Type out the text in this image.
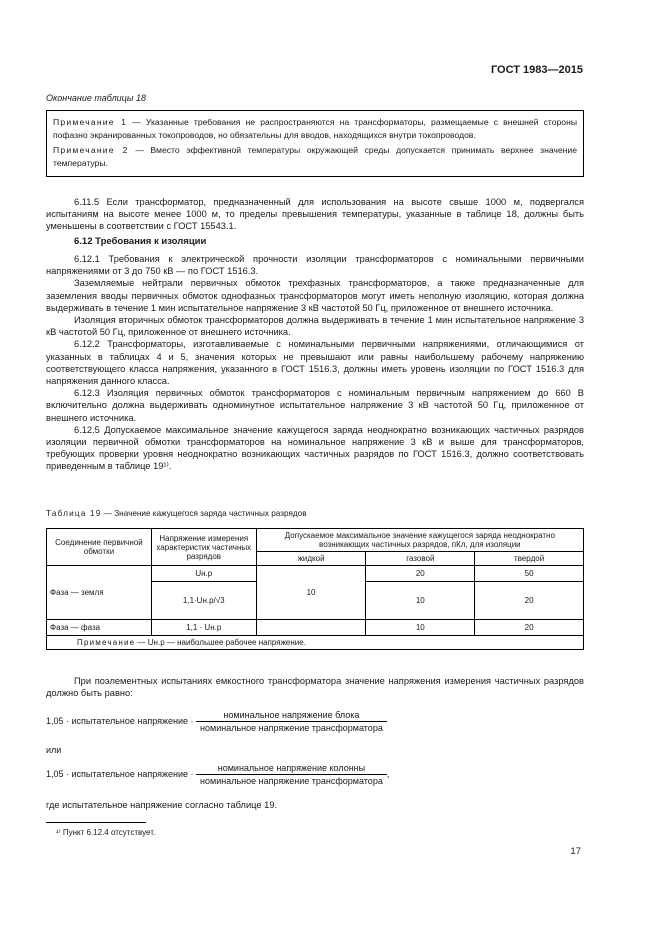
ГОСТ 1983—2015
Окончание таблицы 18

Примечание 1 — Указанные требования не распространяются на трансформаторы, размещаемые с внешней стороны пофазно экранированных токопроводов, но обязательны для вводов, находящихся внутри токопроводов.

Примечание 2 — Вместо эффективной температуры окружающей среды допускается принимать верхнее значение температуры.

6.11.5 Если трансформатор, предназначенный для использования на высоте свыше 1000 м, подвергался испытаниям на высоте менее 1000 м, то пределы превышения температуры, указанные в таблице 18, должны быть уменьшены в соответствии с ГОСТ 15543.1.

6.12 Требования к изоляции

6.12.1 Требования к электрической прочности изоляции трансформаторов с номинальными первичными напряжениями от 3 до 750 кВ — по ГОСТ 1516.3.

Заземляемые нейтрали первичных обмоток трехфазных трансформаторов, а также предназначенные для заземления вводы первичных обмоток однофазных трансформаторов могут иметь неполную изоляцию, которая должна выдерживать в течение 1 мин испытательное напряжение 3 кВ частотой 50 Гц, приложенное от внешнего источника.

Изоляция вторичных обмоток трансформаторов должна выдерживать в течение 1 мин испытательное напряжение 3 кВ частотой 50 Гц, приложенное от внешнего источника.

6.12.2 Трансформаторы, изготавливаемые с номинальными первичными напряжениями, отличающимися от указанных в таблицах 4 и 5, значения которых не превышают или равны наибольшему рабочему напряжению соответствующего класса напряжения, указанного в ГОСТ 1516.3, должны иметь уровень изоляции по ГОСТ 1516.3 для напряжения данного класса.

6.12.3 Изоляция первичных обмоток трансформаторов с номинальным первичным напряжением до 660 В включительно должна выдерживать одноминутное испытательное напряжение 3 кВ частотой 50 Гц, приложенное от внешнего источника.

6.12.5 Допускаемое максимальное значение кажущегося заряда неоднократно возникающих частичных разрядов изоляции первичной обмотки трансформаторов на номинальное напряжение 3 кВ и выше для трансформаторов, требующих проверки уровня неоднократно возникающих частичных разрядов по ГОСТ 1516.3, должно соответствовать приведенным в таблице 19¹⁾.

Таблица 19 — Значение кажущегося заряда частичных разрядов
Соединение первичной обмотки	Напряжение измерения характеристик частичных разрядов	Допускаемое максимальное значение кажущегося заряда неоднократно возникающих частичных разрядов, пКл, для изоляции		
		жидкой	газовой	твердой
Фаза — земля	Uн.р	10	20	50
	1,1·Uн.р/√3		10	20
Фаза — фаза	1,1 · Uн.р		10	20
Примечание — Uн.р — наибольшее рабочее напряжение.				

При поэлементных испытаниях емкостного трансформатора значение напряжения измерения частичных разрядов должно быть равно:

1,05 · испытательное напряжение · $\frac{\text{номинальное напряжение блока}}{\text{номинальное напряжение трансформатора}}$
или
1,05 · испытательное напряжение · $\frac{\text{номинальное напряжение колонны}}{\text{номинальное напряжение трансформатора}}$ ,
где испытательное напряжение согласно таблице 19.
¹⁾ Пункт 6.12.4 отсутствует.
17
